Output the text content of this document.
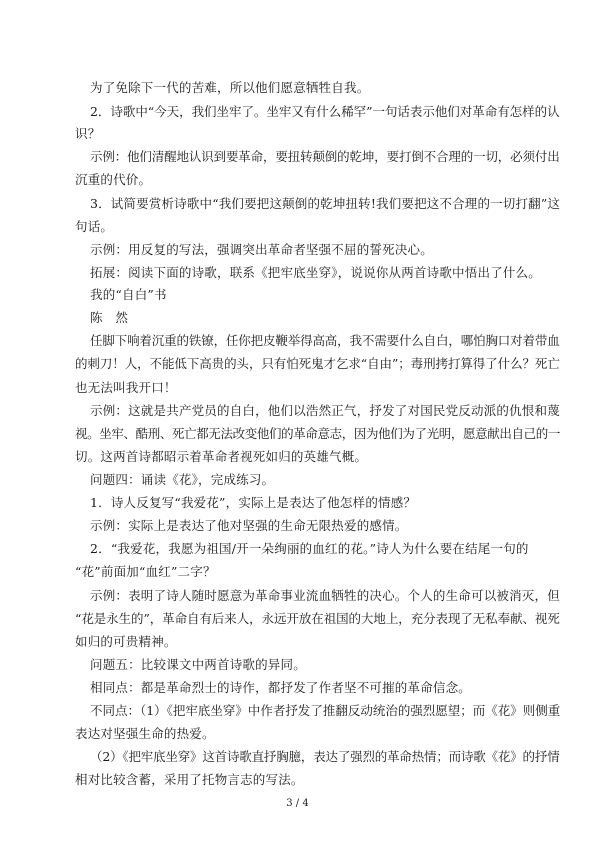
为了免除下一代的苦难，所以他们愿意牺牲自我。
2．诗歌中“今天，我们坐牢了。坐牢又有什么稀罕”一句话表示他们对革命有怎样的认
识？
示例：他们清醒地认识到要革命，要扭转颠倒的乾坤，要打倒不合理的一切，必须付出
沉重的代价。
3．试简要赏析诗歌中“我们要把这颠倒的乾坤扭转!我们要把这不合理的一切打翻”这
句话。
示例：用反复的写法，强调突出革命者坚强不屈的誓死决心。
拓展：阅读下面的诗歌，联系《把牢底坐穿》，说说你从两首诗歌中悟出了什么。
我的“自白”书
陈　然
任脚下响着沉重的铁镣，任你把皮鞭举得高高，我不需要什么自白，哪怕胸口对着带血
的刺刀！人，不能低下高贵的头，只有怕死鬼才乞求“自由”；毒刑拷打算得了什么？死亡
也无法叫我开口！
示例：这就是共产党员的自白，他们以浩然正气，抒发了对国民党反动派的仇恨和蔑
视。坐牢、酷刑、死亡都无法改变他们的革命意志，因为他们为了光明，愿意献出自己的一
切。这两首诗都昭示着革命者视死如归的英雄气概。
问题四：诵读《花》，完成练习。
1．诗人反复写“我爱花”，实际上是表达了他怎样的情感？
示例：实际上是表达了他对坚强的生命无限热爱的感情。
2．“我爱花，我愿为祖国/开一朵绚丽的血红的花。”诗人为什么要在结尾一句的
“花”前面加“血红”二字？
示例：表明了诗人随时愿意为革命事业流血牺牲的决心。个人的生命可以被消灭，但
“花是永生的”，革命自有后来人，永远开放在祖国的大地上，充分表现了无私奉献、视死
如归的可贵精神。
问题五：比较课文中两首诗歌的异同。
相同点：都是革命烈士的诗作，都抒发了作者坚不可摧的革命信念。
不同点：（1）《把牢底坐穿》中作者抒发了推翻反动统治的强烈愿望；而《花》则侧重
表达对坚强生命的热爱。
（2）《把牢底坐穿》这首诗歌直抒胸臆，表达了强烈的革命热情；而诗歌《花》的抒情
相对比较含蓄，采用了托物言志的写法。
3 / 4
